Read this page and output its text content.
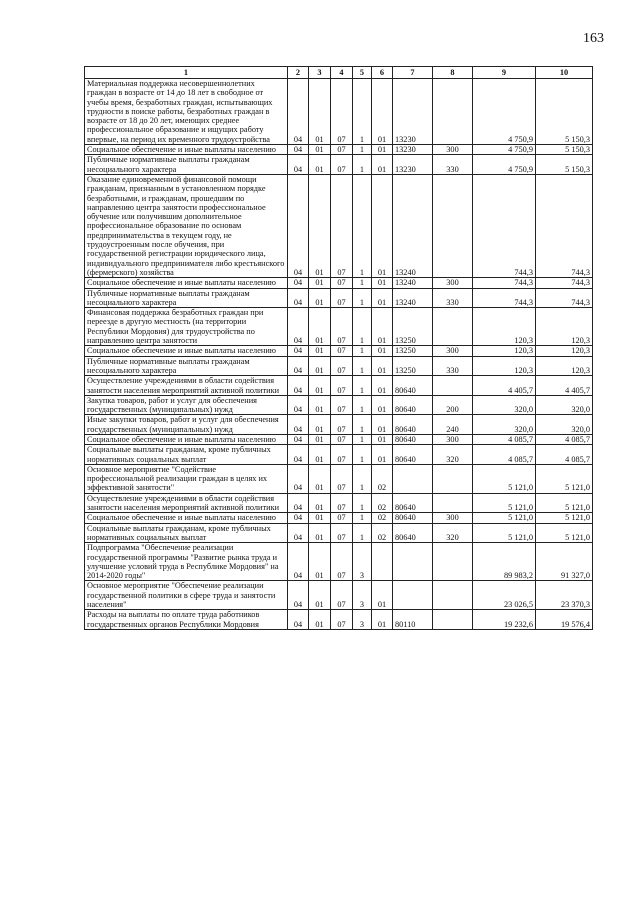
163
1	2	3	4	5	6	7	8	9	10
Материальная поддержка несовершеннолетних граждан в возрасте от 14 до 18 лет в свободное от учебы время, безработных граждан, испытывающих трудности в поиске работы, безработных граждан в возрасте от 18 до 20 лет, имеющих среднее профессиональное образование и ищущих работу впервые, на период их временного трудоустройства	04	01	07	1	01	13230		4 750,9	5 150,3
Социальное обеспечение и иные выплаты населению	04	01	07	1	01	13230	300	4 750,9	5 150,3
Публичные нормативные выплаты гражданам несоциального характера	04	01	07	1	01	13230	330	4 750,9	5 150,3
Оказание единовременной финансовой помощи гражданам, признанным в установленном порядке безработными, и гражданам, прошедшим по направлению центра занятости профессиональное обучение или получившим дополнительное профессиональное образование по основам предпринимательства в текущем году, не трудоустроенным после обучения, при государственной регистрации юридического лица, индивидуального предпринимателя либо крестьянского (фермерского) хозяйства	04	01	07	1	01	13240		744,3	744,3
Социальное обеспечение и иные выплаты населению	04	01	07	1	01	13240	300	744,3	744,3
Публичные нормативные выплаты гражданам несоциального характера	04	01	07	1	01	13240	330	744,3	744,3
Финансовая поддержка безработных граждан при переезде в другую местность (на территории Республики Мордовия) для трудоустройства по направлению центра занятости	04	01	07	1	01	13250		120,3	120,3
Социальное обеспечение и иные выплаты населению	04	01	07	1	01	13250	300	120,3	120,3
Публичные нормативные выплаты гражданам несоциального характера	04	01	07	1	01	13250	330	120,3	120,3
Осуществление учреждениями в области содействия занятости населения мероприятий активной политики	04	01	07	1	01	80640		4 405,7	4 405,7
Закупка товаров, работ и услуг для обеспечения государственных (муниципальных) нужд	04	01	07	1	01	80640	200	320,0	320,0
Иные закупки товаров, работ и услуг для обеспечения государственных (муниципальных) нужд	04	01	07	1	01	80640	240	320,0	320,0
Социальное обеспечение и иные выплаты населению	04	01	07	1	01	80640	300	4 085,7	4 085,7
Социальные выплаты гражданам, кроме публичных нормативных социальных выплат	04	01	07	1	01	80640	320	4 085,7	4 085,7
Основное мероприятие "Содействие профессиональной реализации граждан в целях их эффективной занятости"	04	01	07	1	02			5 121,0	5 121,0
Осуществление учреждениями в области содействия занятости населения мероприятий активной политики	04	01	07	1	02	80640		5 121,0	5 121,0
Социальное обеспечение и иные выплаты населению	04	01	07	1	02	80640	300	5 121,0	5 121,0
Социальные выплаты гражданам, кроме публичных нормативных социальных выплат	04	01	07	1	02	80640	320	5 121,0	5 121,0
Подпрограмма "Обеспечение реализации государственной программы "Развитие рынка труда и улучшение условий труда в Республике Мордовия" на 2014-2020 годы"	04	01	07	3				89 983,2	91 327,0
Основное мероприятие "Обеспечение реализации государственной политики в сфере труда и занятости населения"	04	01	07	3	01			23 026,5	23 370,3
Расходы на выплаты по оплате труда работников государственных органов Республики Мордовия	04	01	07	3	01	80110		19 232,6	19 576,4
